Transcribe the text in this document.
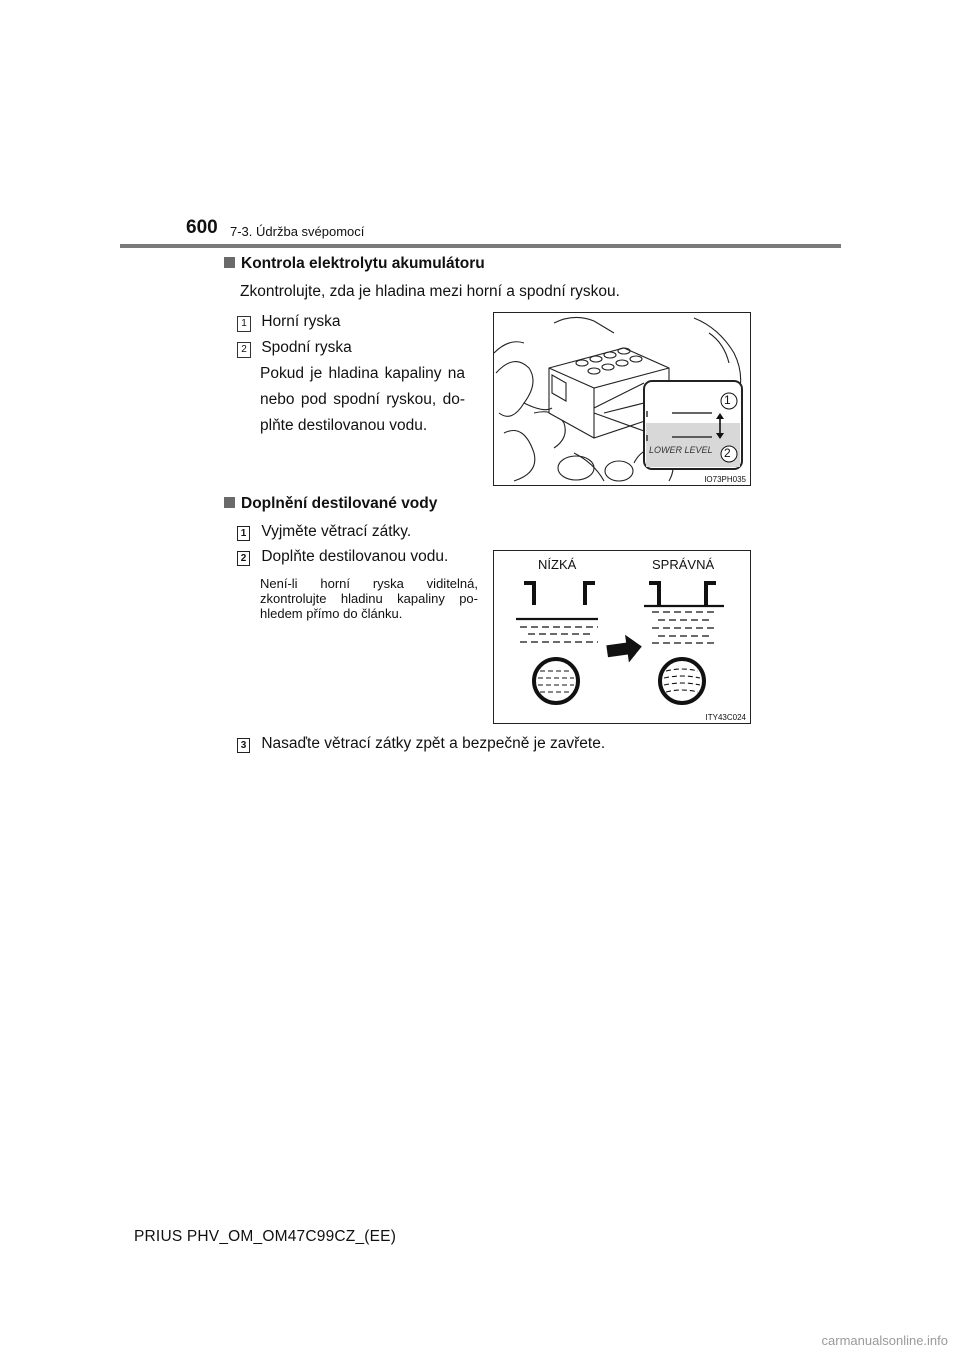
600 7-3. Údržba svépomocí
Kontrola elektrolytu akumulátoru
Zkontrolujte, zda je hladina mezi horní a spodní ryskou.
1 Horní ryska
2 Spodní ryska
Pokud je hladina kapaliny na
nebo pod spodní ryskou, do-
plňte destilovanou vodu.
LOWER LEVEL
1
2
IO73PH035
Doplnění destilované vody
1 Vyjměte větrací zátky.
2 Doplňte destilovanou vodu.
Není-li horní ryska viditelná,
zkontrolujte hladinu kapaliny po-
hledem přímo do článku.
NÍZKÁ	SPRÁVNÁ
ITY43C024
3 Nasaďte větrací zátky zpět a bezpečně je zavřete.
PRIUS PHV_OM_OM47C99CZ_(EE)
carmanualsonline.info
